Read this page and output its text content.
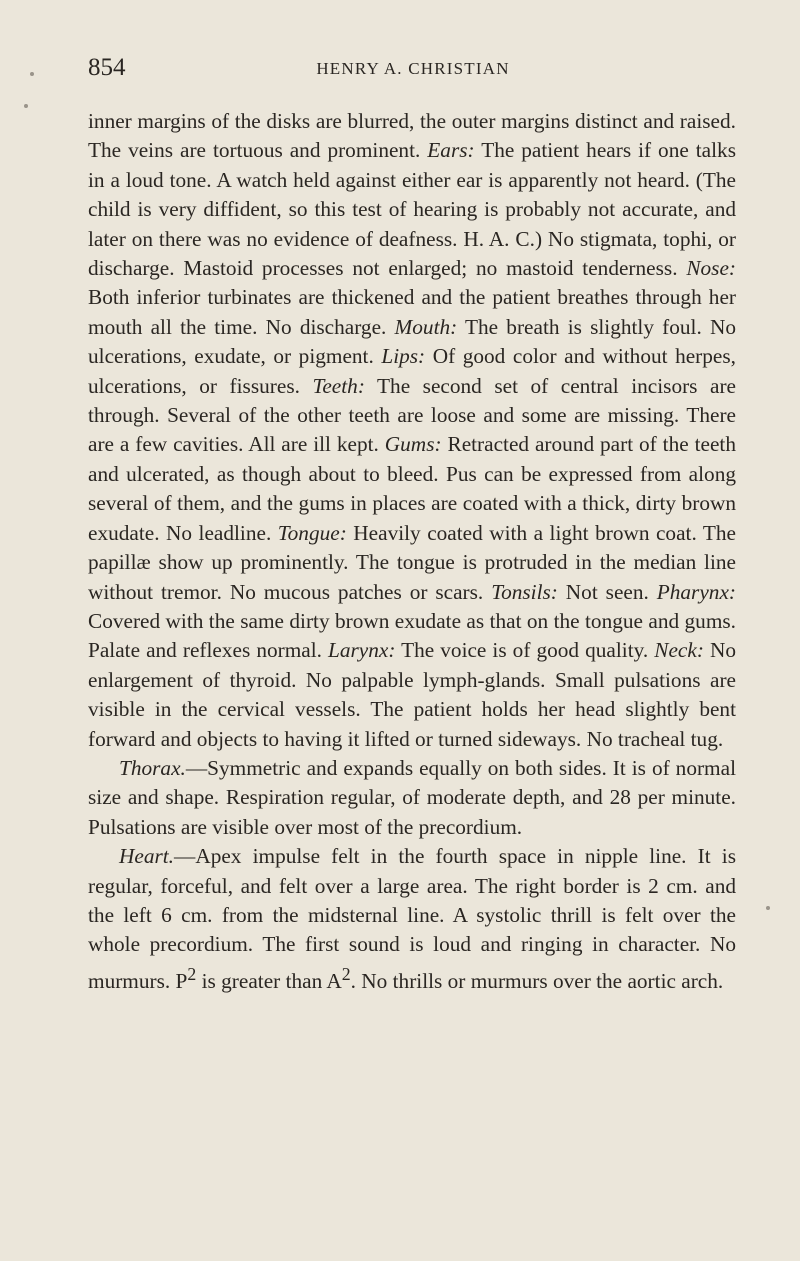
854	HENRY A. CHRISTIAN

inner margins of the disks are blurred, the outer margins distinct and raised. The veins are tortuous and prominent. Ears: The patient hears if one talks in a loud tone. A watch held against either ear is apparently not heard. (The child is very diffident, so this test of hearing is probably not accurate, and later on there was no evidence of deafness. H. A. C.) No stigmata, tophi, or discharge. Mastoid processes not enlarged; no mastoid tenderness. Nose: Both inferior turbinates are thickened and the patient breathes through her mouth all the time. No discharge. Mouth: The breath is slightly foul. No ulcerations, exudate, or pigment. Lips: Of good color and without herpes, ulcerations, or fissures. Teeth: The second set of central incisors are through. Several of the other teeth are loose and some are missing. There are a few cavities. All are ill kept. Gums: Retracted around part of the teeth and ulcerated, as though about to bleed. Pus can be expressed from along several of them, and the gums in places are coated with a thick, dirty brown exudate. No leadline. Tongue: Heavily coated with a light brown coat. The papillæ show up prominently. The tongue is protruded in the median line without tremor. No mucous patches or scars. Tonsils: Not seen. Pharynx: Covered with the same dirty brown exudate as that on the tongue and gums. Palate and reflexes normal. Larynx: The voice is of good quality. Neck: No enlargement of thyroid. No palpable lymph-glands. Small pulsations are visible in the cervical vessels. The patient holds her head slightly bent forward and objects to having it lifted or turned sideways. No tracheal tug.

Thorax.—Symmetric and expands equally on both sides. It is of normal size and shape. Respiration regular, of moderate depth, and 28 per minute. Pulsations are visible over most of the precordium.

Heart.—Apex impulse felt in the fourth space in nipple line. It is regular, forceful, and felt over a large area. The right border is 2 cm. and the left 6 cm. from the midsternal line. A systolic thrill is felt over the whole precordium. The first sound is loud and ringing in character. No murmurs. $P^2$ is greater than $A^2$. No thrills or murmurs over the aortic arch.
